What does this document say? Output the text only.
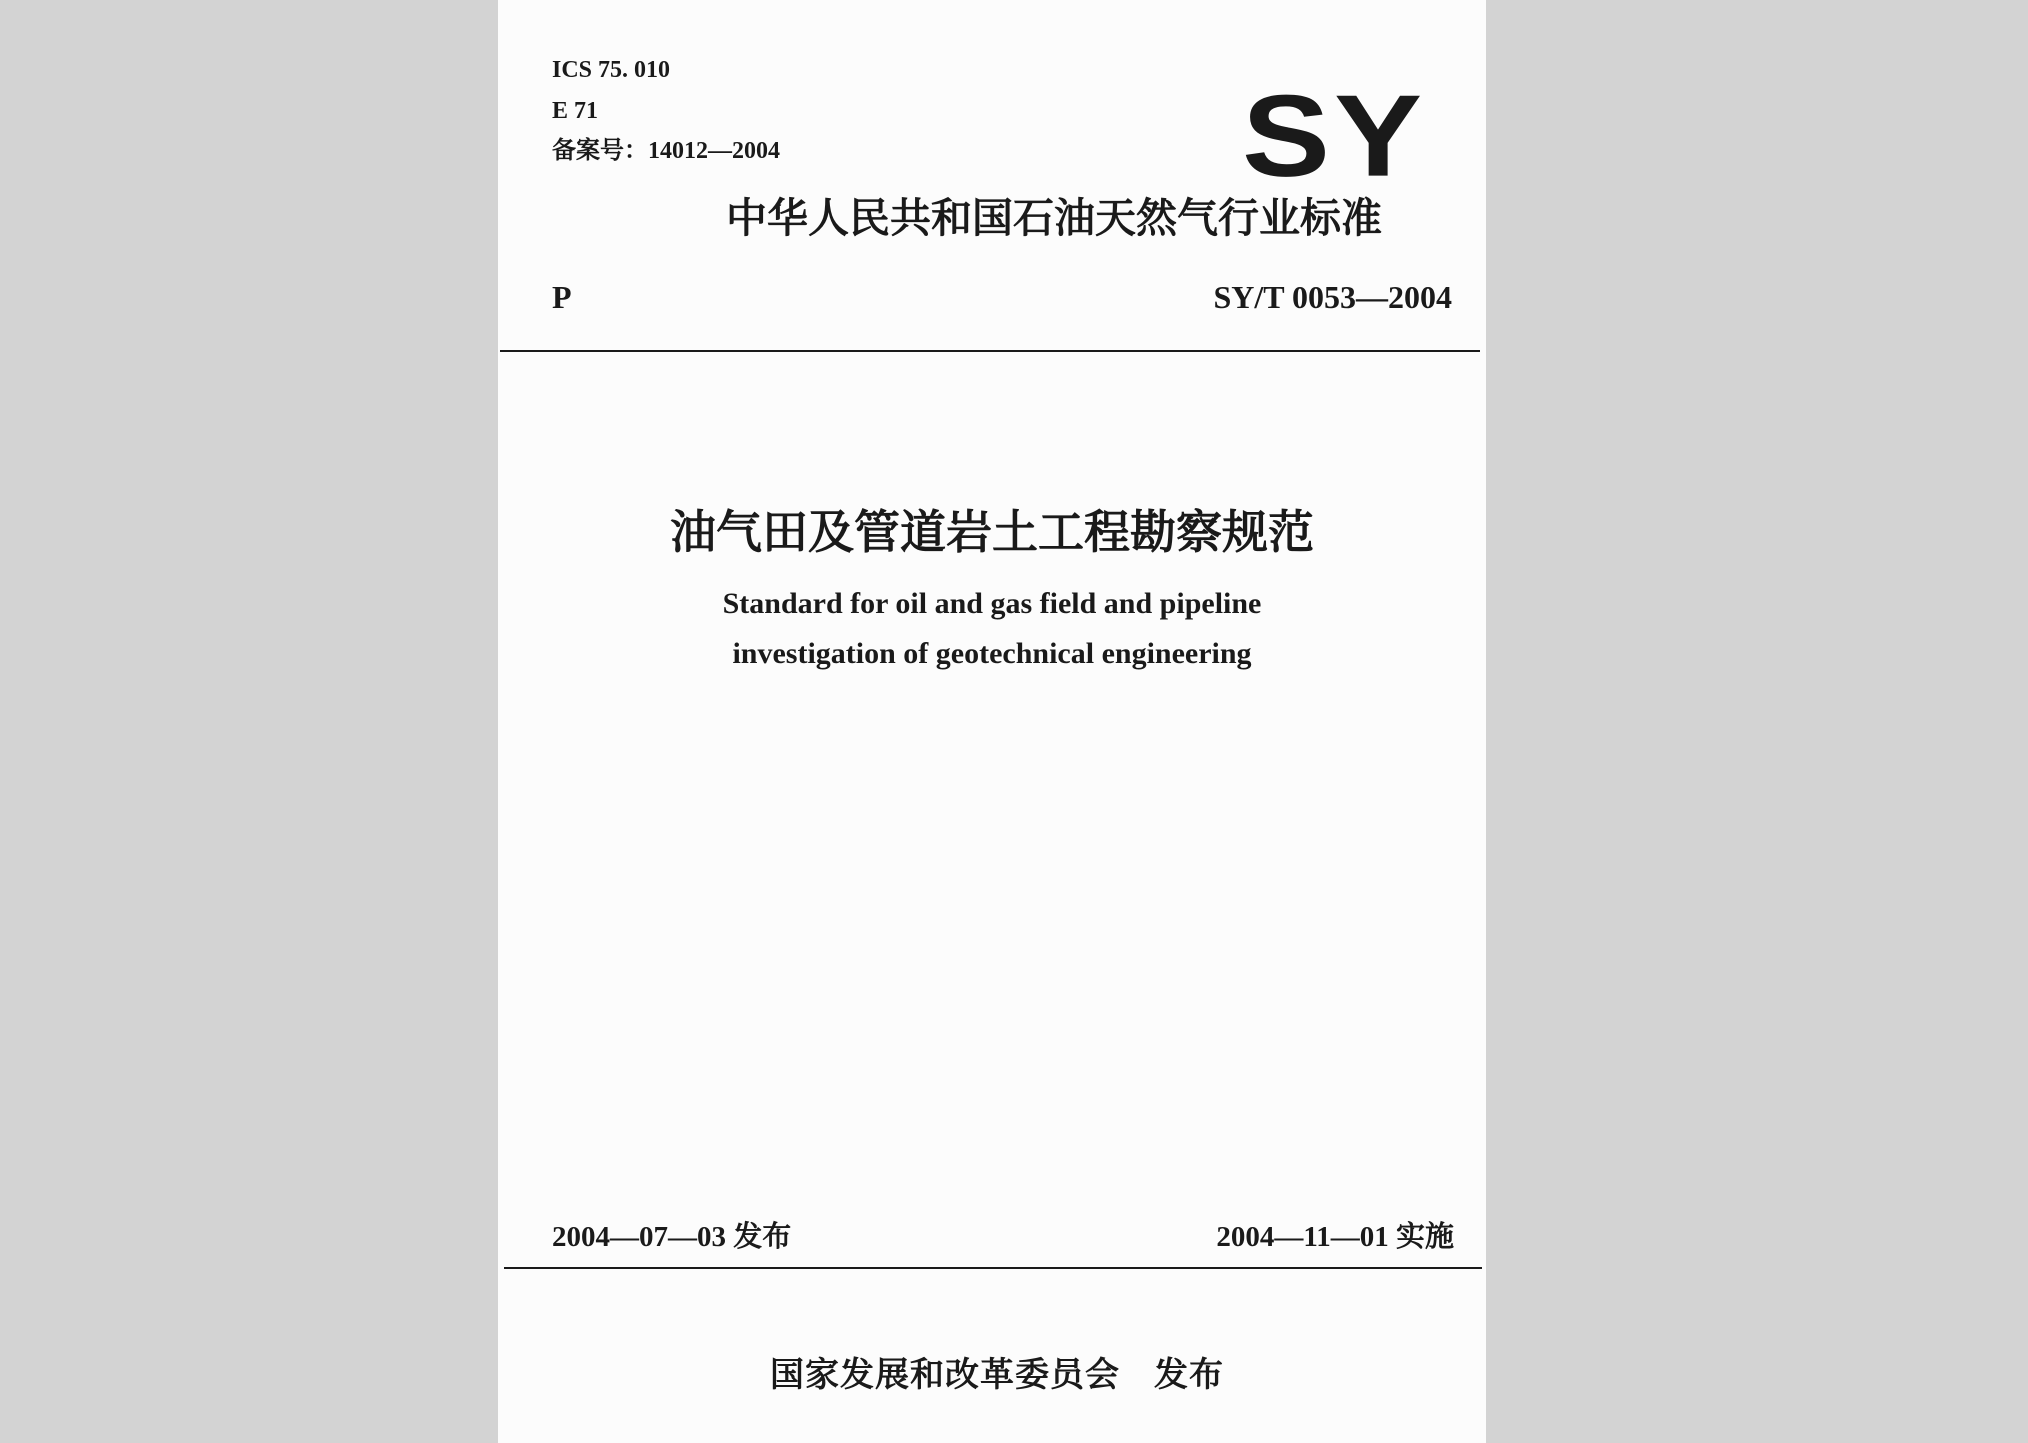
ICS 75. 010
E 71
备案号：14012—2004	SY
中华人民共和国石油天然气行业标准
P	SY/T 0053—2004
油气田及管道岩土工程勘察规范
Standard for oil and gas field and pipeline
investigation of geotechnical engineering
2004—07—03 发布	2004—11—01 实施
国家发展和改革委员会 发布
